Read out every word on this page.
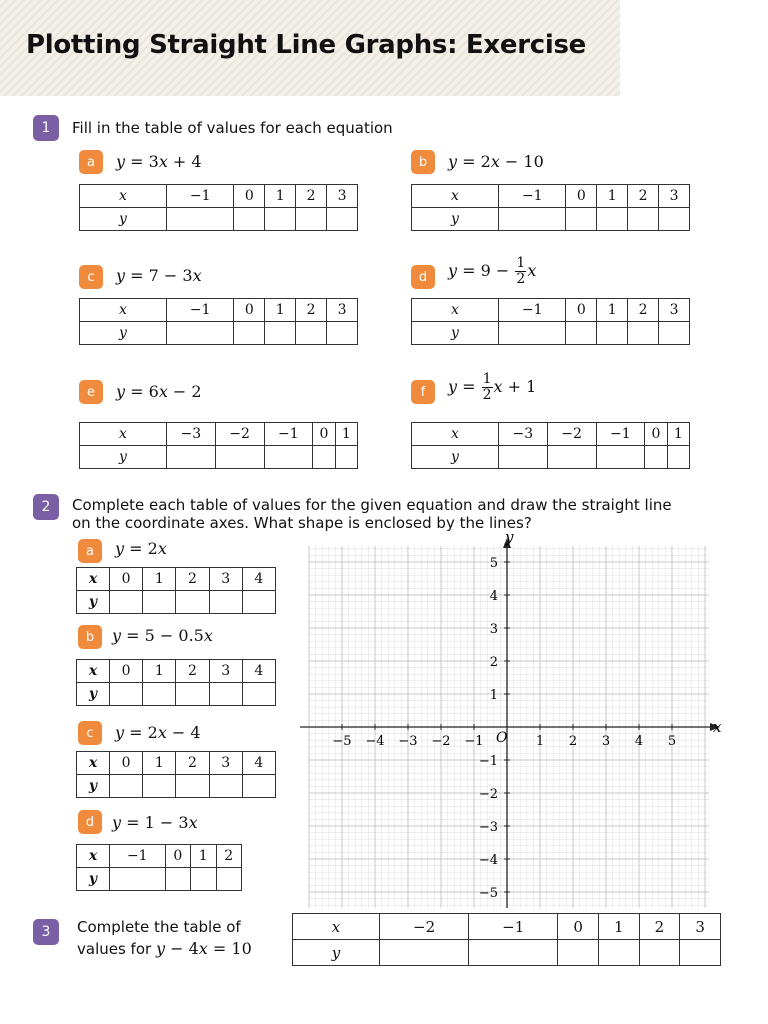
Plotting Straight Line Graphs: Exercise
1	Fill in the table of values for each equation
a	y = 3x + 4
x	−1	0	1	2	3
y					
b	y = 2x − 10
x	−1	0	1	2	3
y					
c	y = 7 − 3x
x	−1	0	1	2	3
y					
d	$y = 9 - \frac{1}{2}$ x
x	−1	0	1	2	3
y					
e	y = 6x − 2
x	−3	−2	−1	0	1
y					
f	$y = \frac{1}{2}$ x + 1
x	−3	−2	−1	0	1
y					
2	Complete each table of values for the given equation and draw the straight line
on the coordinate axes. What shape is enclosed by the lines?
a	y = 2x
x	0	1	2	3	4
y					
b	y = 5 − 0.5x
x	0	1	2	3	4
y					
c	y = 2x − 4
x	0	1	2	3	4
y					
d	y = 1 − 3x
x	−1	0	1	2
y				
x
y
O
−5 −4 −3 −2 −1	1 2 3 4 5
5
4
3
2
1
−1
−2
−3
−4
−5
3	Complete the table of
values for y − 4x = 10
x	−2	−1	0	1	2	3
y						
